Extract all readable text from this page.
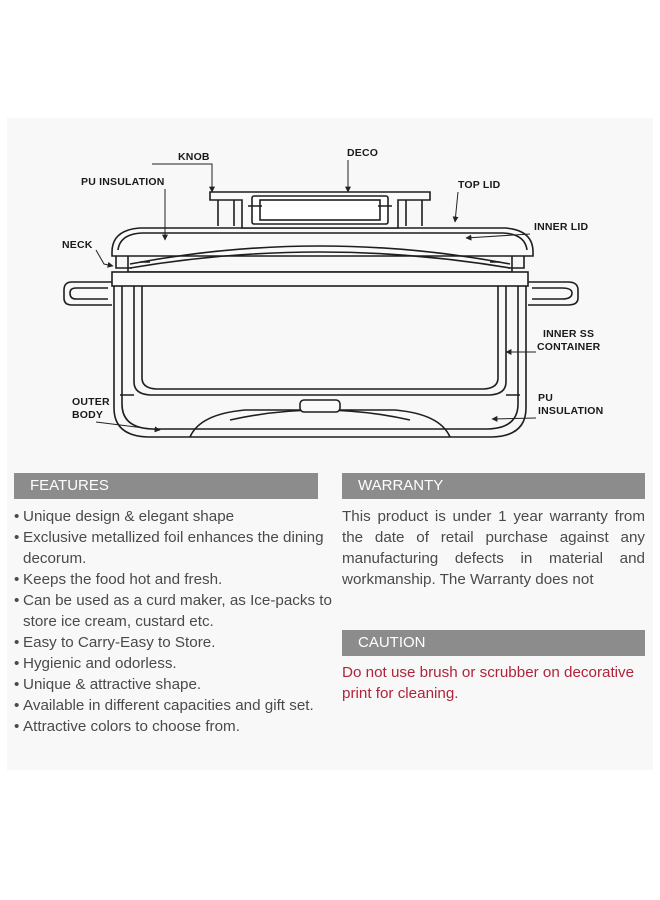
KNOB	DECO
PU INSULATION	TOP LID
INNER LID
NECK
INNER SS
CONTAINER
OUTER
BODY
PU
INSULATION
FEATURES
• Unique design & elegant shape
• Exclusive metallized foil enhances the dining decorum.
• Keeps the food hot and fresh.
• Can be used as a curd maker, as Ice-packs to store ice cream, custard etc.
• Easy to Carry-Easy to Store.
• Hygienic and odorless.
• Unique & attractive shape.
• Available in different capacities and gift set.
• Attractive colors to choose from.
WARRANTY
This product is under 1 year warranty from the date of retail purchase against any manufacturing defects in material and workmanship. The Warranty does not
CAUTION
Do not use brush or scrubber on decorative print for cleaning.
